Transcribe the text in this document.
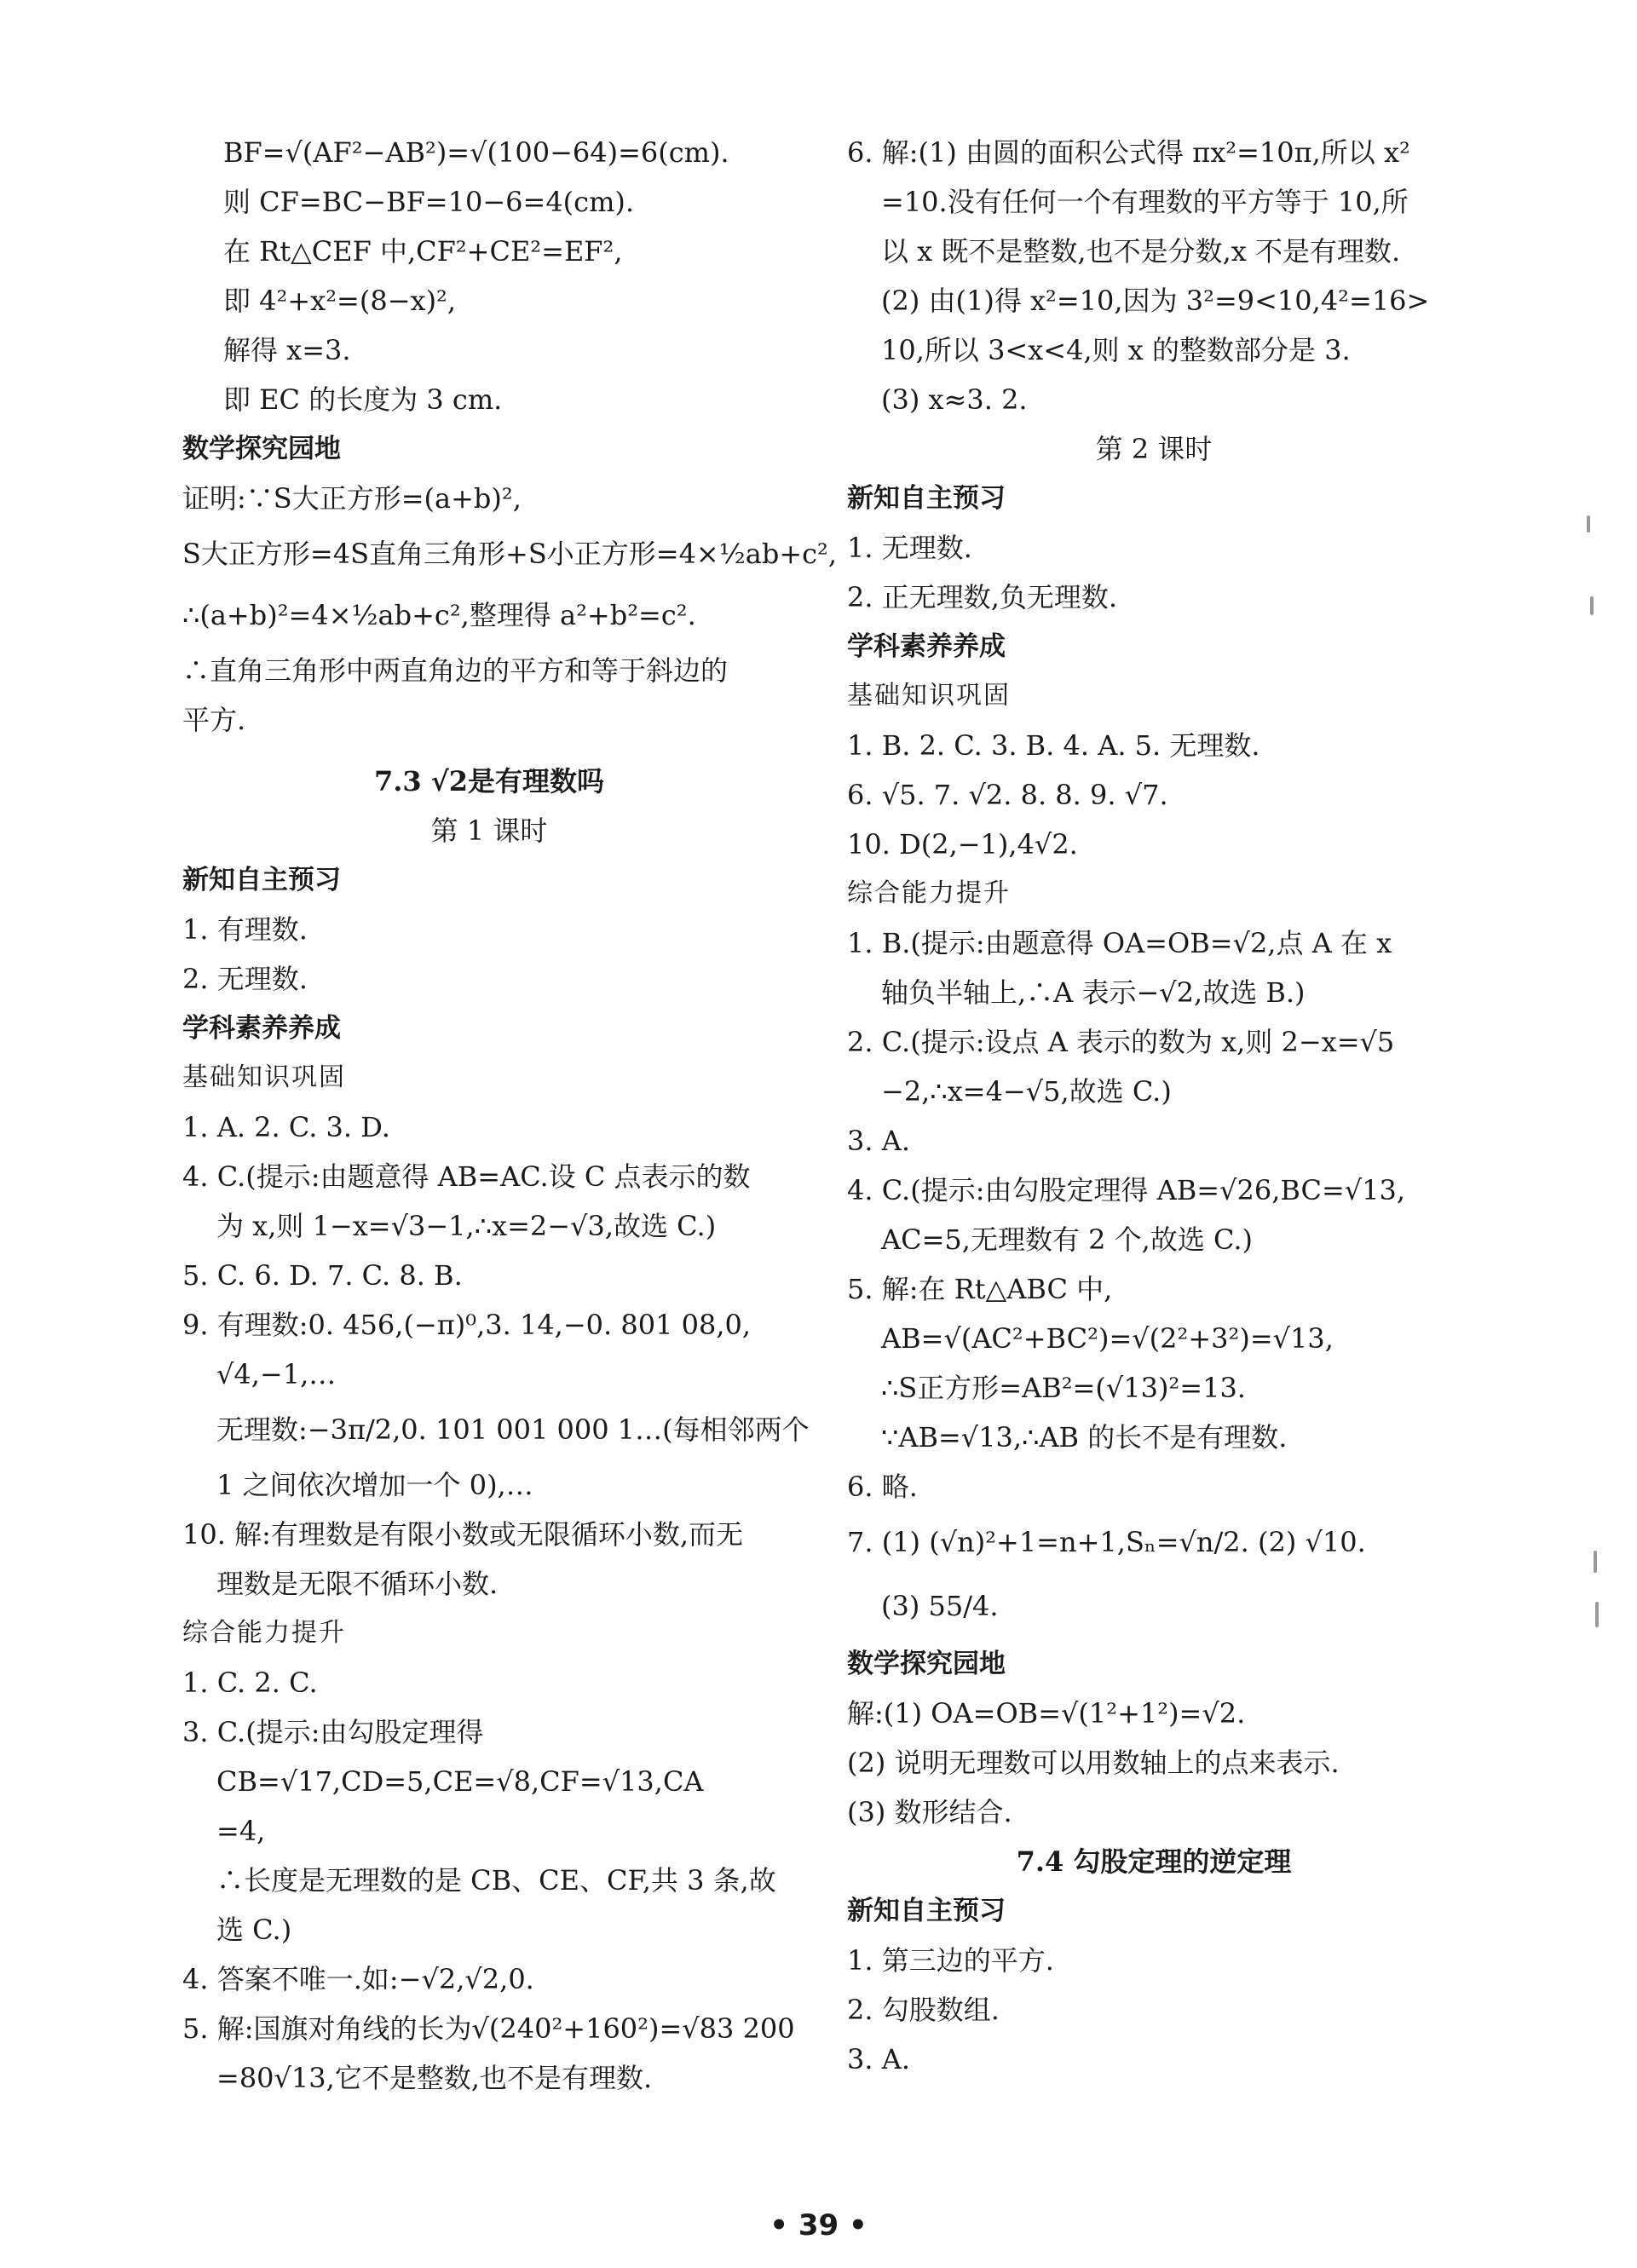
BF=√(AF²−AB²)=√(100−64)=6(cm).
则 CF=BC−BF=10−6=4(cm).
在 Rt△CEF 中,CF²+CE²=EF²,
即 4²+x²=(8−x)²,
解得 x=3.
即 EC 的长度为 3 cm.
数学探究园地
证明:∵S大正方形=(a+b)²,
S大正方形=4S直角三角形+S小正方形=4×½ab+c²,
∴(a+b)²=4×½ab+c²,整理得 a²+b²=c².
∴直角三角形中两直角边的平方和等于斜边的
平方.
7.3 √2是有理数吗
第 1 课时
新知自主预习
1. 有理数.
2. 无理数.
学科素养养成
基础知识巩固
1. A. 2. C. 3. D.
4. C.(提示:由题意得 AB=AC.设 C 点表示的数
为 x,则 1−x=√3−1,∴x=2−√3,故选 C.)
5. C. 6. D. 7. C. 8. B.
9. 有理数:0. 456,(−π)⁰,3. 14,−0. 801 08,0,
√4,−1,…
无理数:−3π/2,0. 101 001 000 1…(每相邻两个
1 之间依次增加一个 0),…
10. 解:有理数是有限小数或无限循环小数,而无
理数是无限不循环小数.
综合能力提升
1. C. 2. C.
3. C.(提示:由勾股定理得
CB=√17,CD=5,CE=√8,CF=√13,CA
=4,
∴长度是无理数的是 CB、CE、CF,共 3 条,故
选 C.)
4. 答案不唯一.如:−√2,√2,0.
5. 解:国旗对角线的长为√(240²+160²)=√83 200
=80√13,它不是整数,也不是有理数.
6. 解:(1) 由圆的面积公式得 πx²=10π,所以 x²
=10.没有任何一个有理数的平方等于 10,所
以 x 既不是整数,也不是分数,x 不是有理数.
(2) 由(1)得 x²=10,因为 3²=9<10,4²=16>
10,所以 3<x<4,则 x 的整数部分是 3.
(3) x≈3. 2.
第 2 课时
新知自主预习
1. 无理数.
2. 正无理数,负无理数.
学科素养养成
基础知识巩固
1. B. 2. C. 3. B. 4. A. 5. 无理数.
6. √5. 7. √2. 8. 8. 9. √7.
10. D(2,−1),4√2.
综合能力提升
1. B.(提示:由题意得 OA=OB=√2,点 A 在 x
轴负半轴上,∴A 表示−√2,故选 B.)
2. C.(提示:设点 A 表示的数为 x,则 2−x=√5
−2,∴x=4−√5,故选 C.)
3. A.
4. C.(提示:由勾股定理得 AB=√26,BC=√13,
AC=5,无理数有 2 个,故选 C.)
5. 解:在 Rt△ABC 中,
AB=√(AC²+BC²)=√(2²+3²)=√13,
∴S正方形=AB²=(√13)²=13.
∵AB=√13,∴AB 的长不是有理数.
6. 略.
7. (1) (√n)²+1=n+1,Sₙ=√n/2. (2) √10.
(3) 55/4.
数学探究园地
解:(1) OA=OB=√(1²+1²)=√2.
(2) 说明无理数可以用数轴上的点来表示.
(3) 数形结合.
7.4 勾股定理的逆定理
新知自主预习
1. 第三边的平方.
2. 勾股数组.
3. A.
• 39 •
